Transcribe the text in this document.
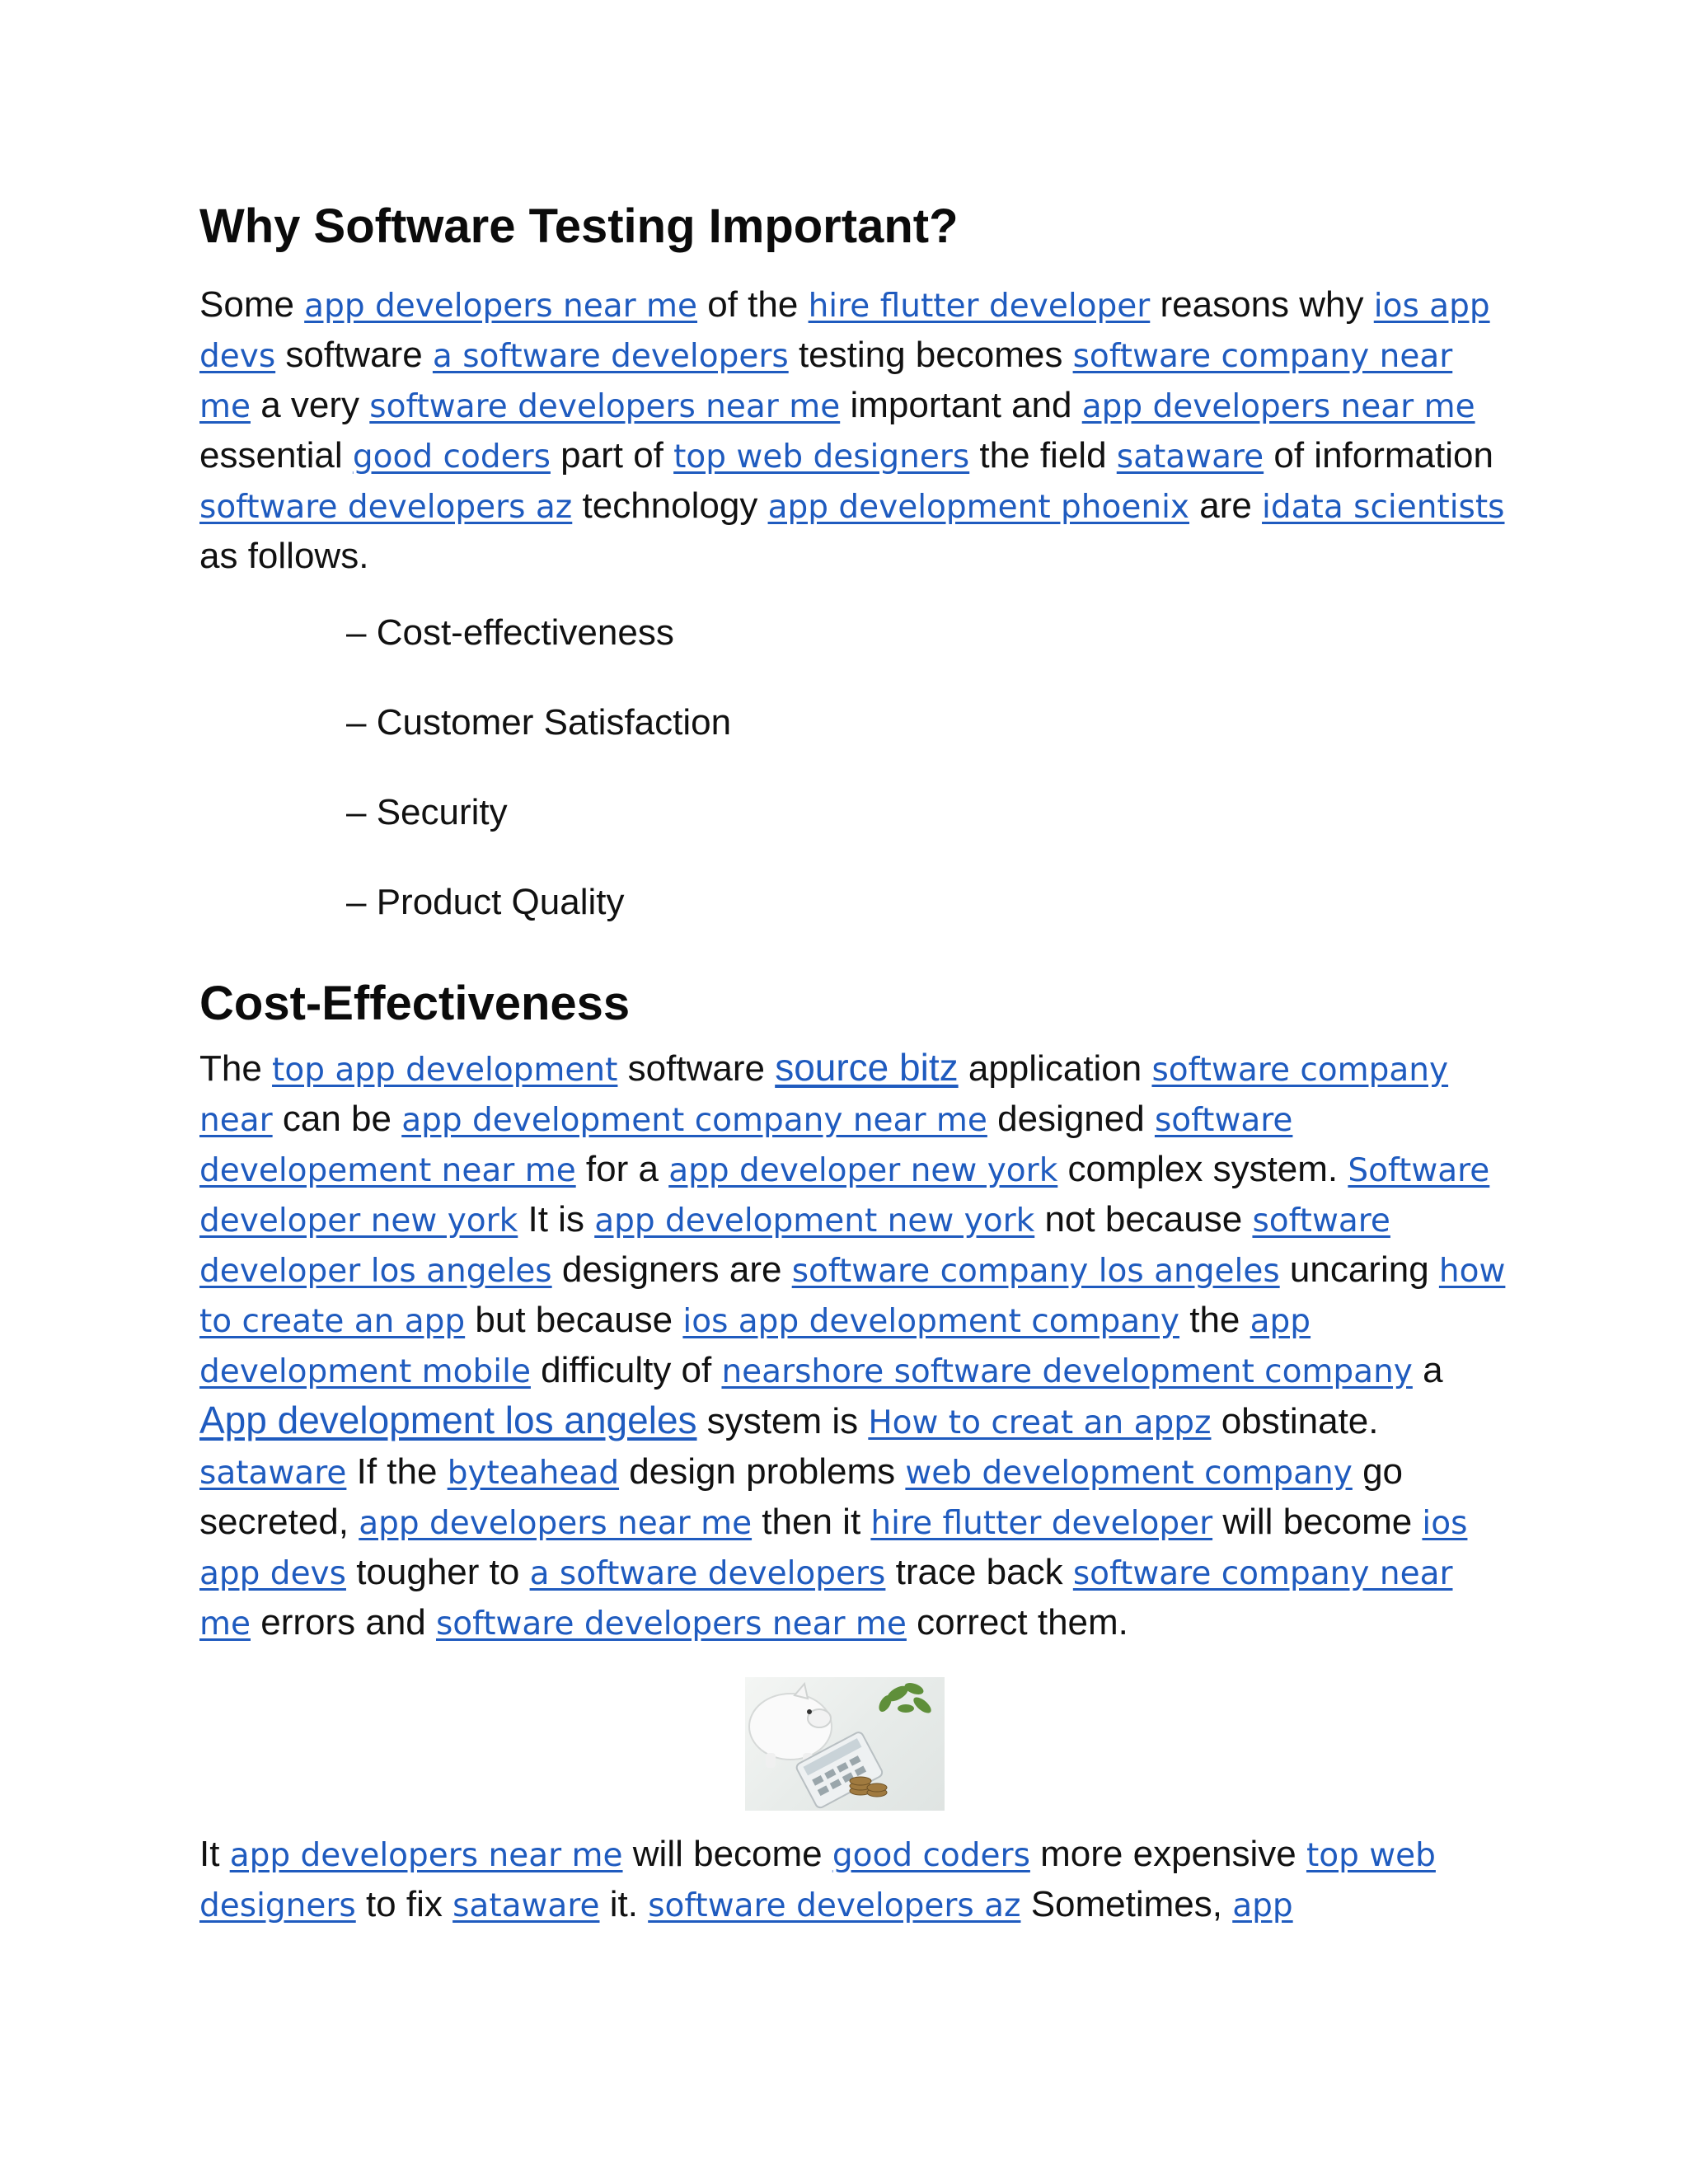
Why Software Testing Important?

Some app developers near me of the hire flutter developer reasons why ios app devs software a software developers testing becomes software company near me a very software developers near me important and app developers near me essential good coders part of top web designers the field sataware of information software developers az technology app development phoenix are idata scientists as follows.

– Cost-effectiveness
– Customer Satisfaction
– Security
– Product Quality
Cost-Effectiveness

The top app development software source bitz application software company near can be app development company near me designed software developement near me for a app developer new york complex system. Software developer new york It is app development new york not because software developer los angeles designers are software company los angeles uncaring how to create an app but because ios app development company the app development mobile difficulty of nearshore software development company a App development los angeles system is How to creat an appz obstinate. sataware If the byteahead design problems web development company go secreted, app developers near me then it hire flutter developer will become ios app devs tougher to a software developers trace back software company near me errors and software developers near me correct them.

It app developers near me will become good coders more expensive top web designers to fix sataware it. software developers az Sometimes, app
